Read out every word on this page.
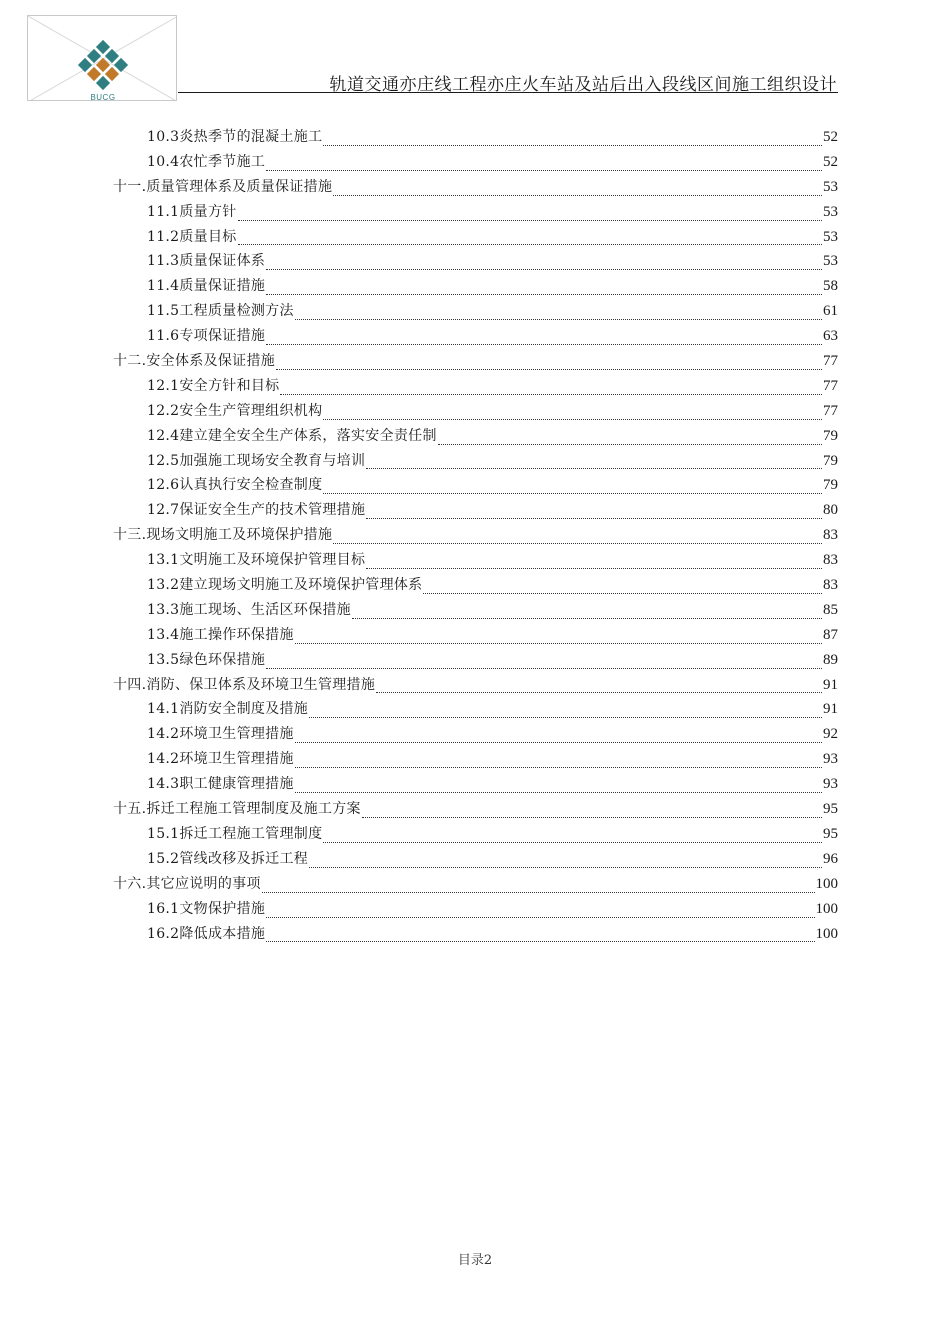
BUCG
轨道交通亦庄线工程亦庄火车站及站后出入段线区间施工组织设计
10.3 炎热季节的混凝土施工	52
10.4 农忙季节施工	52
十一. 质量管理体系及质量保证措施	53
11.1 质量方针	53
11.2 质量目标	53
11.3 质量保证体系	53
11.4 质量保证措施	58
11.5 工程质量检测方法	61
11.6 专项保证措施	63
十二. 安全体系及保证措施	77
12.1 安全方针和目标	77
12.2 安全生产管理组织机构	77
12.4 建立建全安全生产体系，落实安全责任制	79
12.5 加强施工现场安全教育与培训	79
12.6 认真执行安全检查制度	79
12.7 保证安全生产的技术管理措施	80
十三. 现场文明施工及环境保护措施	83
13.1 文明施工及环境保护管理目标	83
13.2 建立现场文明施工及环境保护管理体系	83
13.3 施工现场、生活区环保措施	85
13.4 施工操作环保措施	87
13.5 绿色环保措施	89
十四. 消防、保卫体系及环境卫生管理措施	91
14.1 消防安全制度及措施	91
14.2 环境卫生管理措施	92
14.2 环境卫生管理措施	93
14.3 职工健康管理措施	93
十五. 拆迁工程施工管理制度及施工方案	95
15.1 拆迁工程施工管理制度	95
15.2 管线改移及拆迁工程	96
十六. 其它应说明的事项	100
16.1 文物保护措施	100
16.2 降低成本措施	100
目录2
